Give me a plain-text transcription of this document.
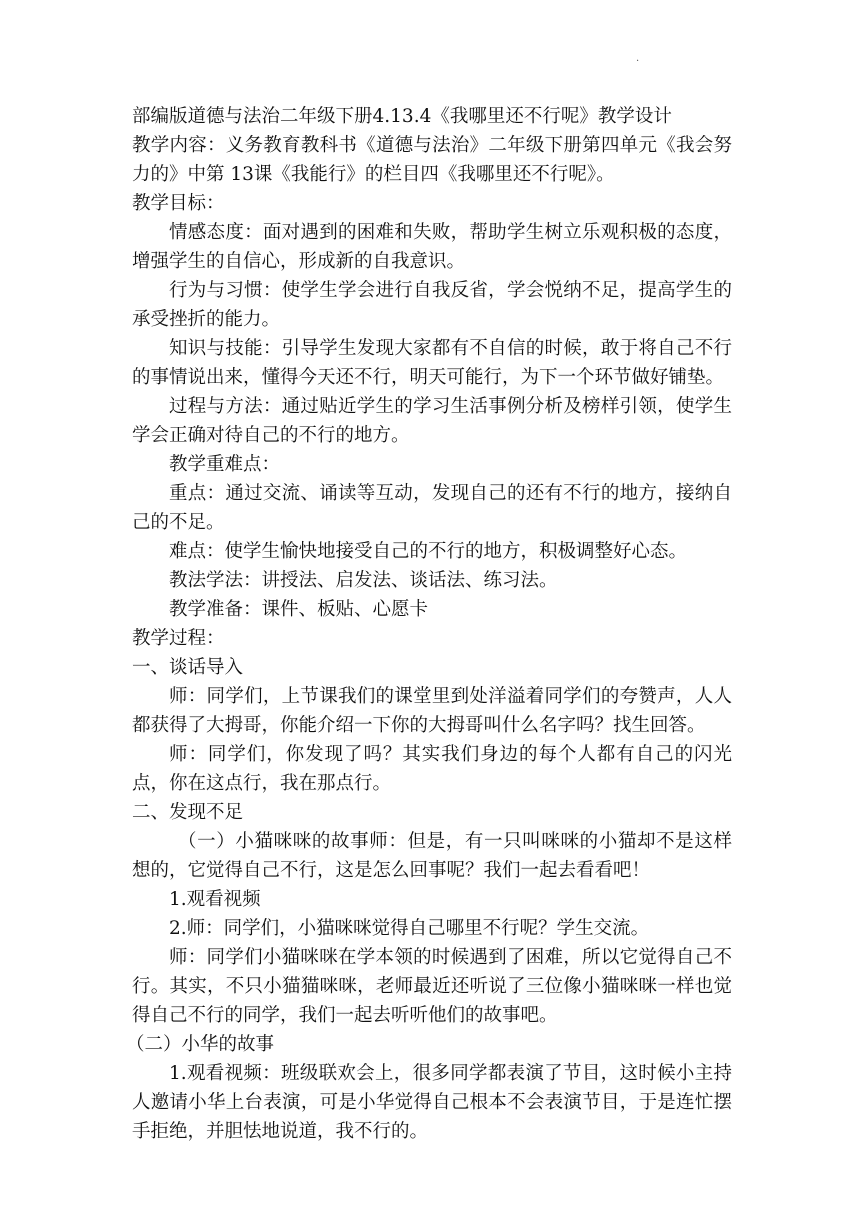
.

部编版道德与法治二年级下册4.13.4《我哪里还不行呢》教学设计

教学内容：义务教育教科书《道德与法治》二年级下册第四单元《我会努力的》中第 13课《我能行》的栏目四《我哪里还不行呢》。

教学目标：

情感态度：面对遇到的困难和失败，帮助学生树立乐观积极的态度，增强学生的自信心，形成新的自我意识。

行为与习惯：使学生学会进行自我反省，学会悦纳不足，提高学生的承受挫折的能力。

知识与技能：引导学生发现大家都有不自信的时候，敢于将自己不行的事情说出来，懂得今天还不行，明天可能行，为下一个环节做好铺垫。

过程与方法：通过贴近学生的学习生活事例分析及榜样引领，使学生学会正确对待自己的不行的地方。

教学重难点：

重点：通过交流、诵读等互动，发现自己的还有不行的地方，接纳自己的不足。

难点：使学生愉快地接受自己的不行的地方，积极调整好心态。

教法学法：讲授法、启发法、谈话法、练习法。

教学准备：课件、板贴、心愿卡

教学过程：

一、谈话导入

师：同学们，上节课我们的课堂里到处洋溢着同学们的夸赞声，人人都获得了大拇哥，你能介绍一下你的大拇哥叫什么名字吗？找生回答。

师：同学们，你发现了吗？其实我们身边的每个人都有自己的闪光点，你在这点行，我在那点行。

二、发现不足

（一）小猫咪咪的故事师：但是，有一只叫咪咪的小猫却不是这样想的，它觉得自己不行，这是怎么回事呢？我们一起去看看吧！

1.观看视频

2.师：同学们，小猫咪咪觉得自己哪里不行呢？学生交流。

师：同学们小猫咪咪在学本领的时候遇到了困难，所以它觉得自己不行。其实，不只小猫猫咪咪，老师最近还听说了三位像小猫咪咪一样也觉得自己不行的同学，我们一起去听听他们的故事吧。

（二）小华的故事

1.观看视频：班级联欢会上，很多同学都表演了节目，这时候小主持人邀请小华上台表演，可是小华觉得自己根本不会表演节目，于是连忙摆手拒绝，并胆怯地说道，我不行的。
